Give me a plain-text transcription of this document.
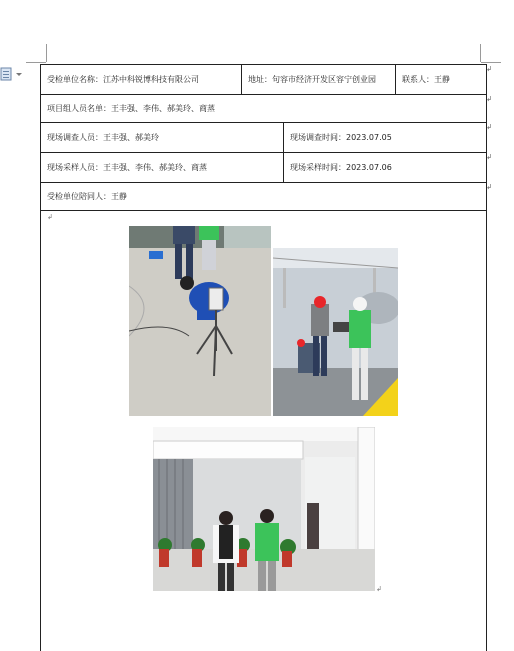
受检单位名称：江苏中科锐博科技有限公司	地址：句容市经济开发区容宁创业园	联系人：王静
↲
项目组人员名单：王丰强、李伟、郝美玲、商蒸
↲
现场调查人员：王丰强、郝美玲	现场调查时间：2023.07.05
↲
现场采样人员：王丰强、李伟、郝美玲、商蒸	现场采样时间：2023.07.06
↲
受检单位陪同人：王静
↲
↲
↲
